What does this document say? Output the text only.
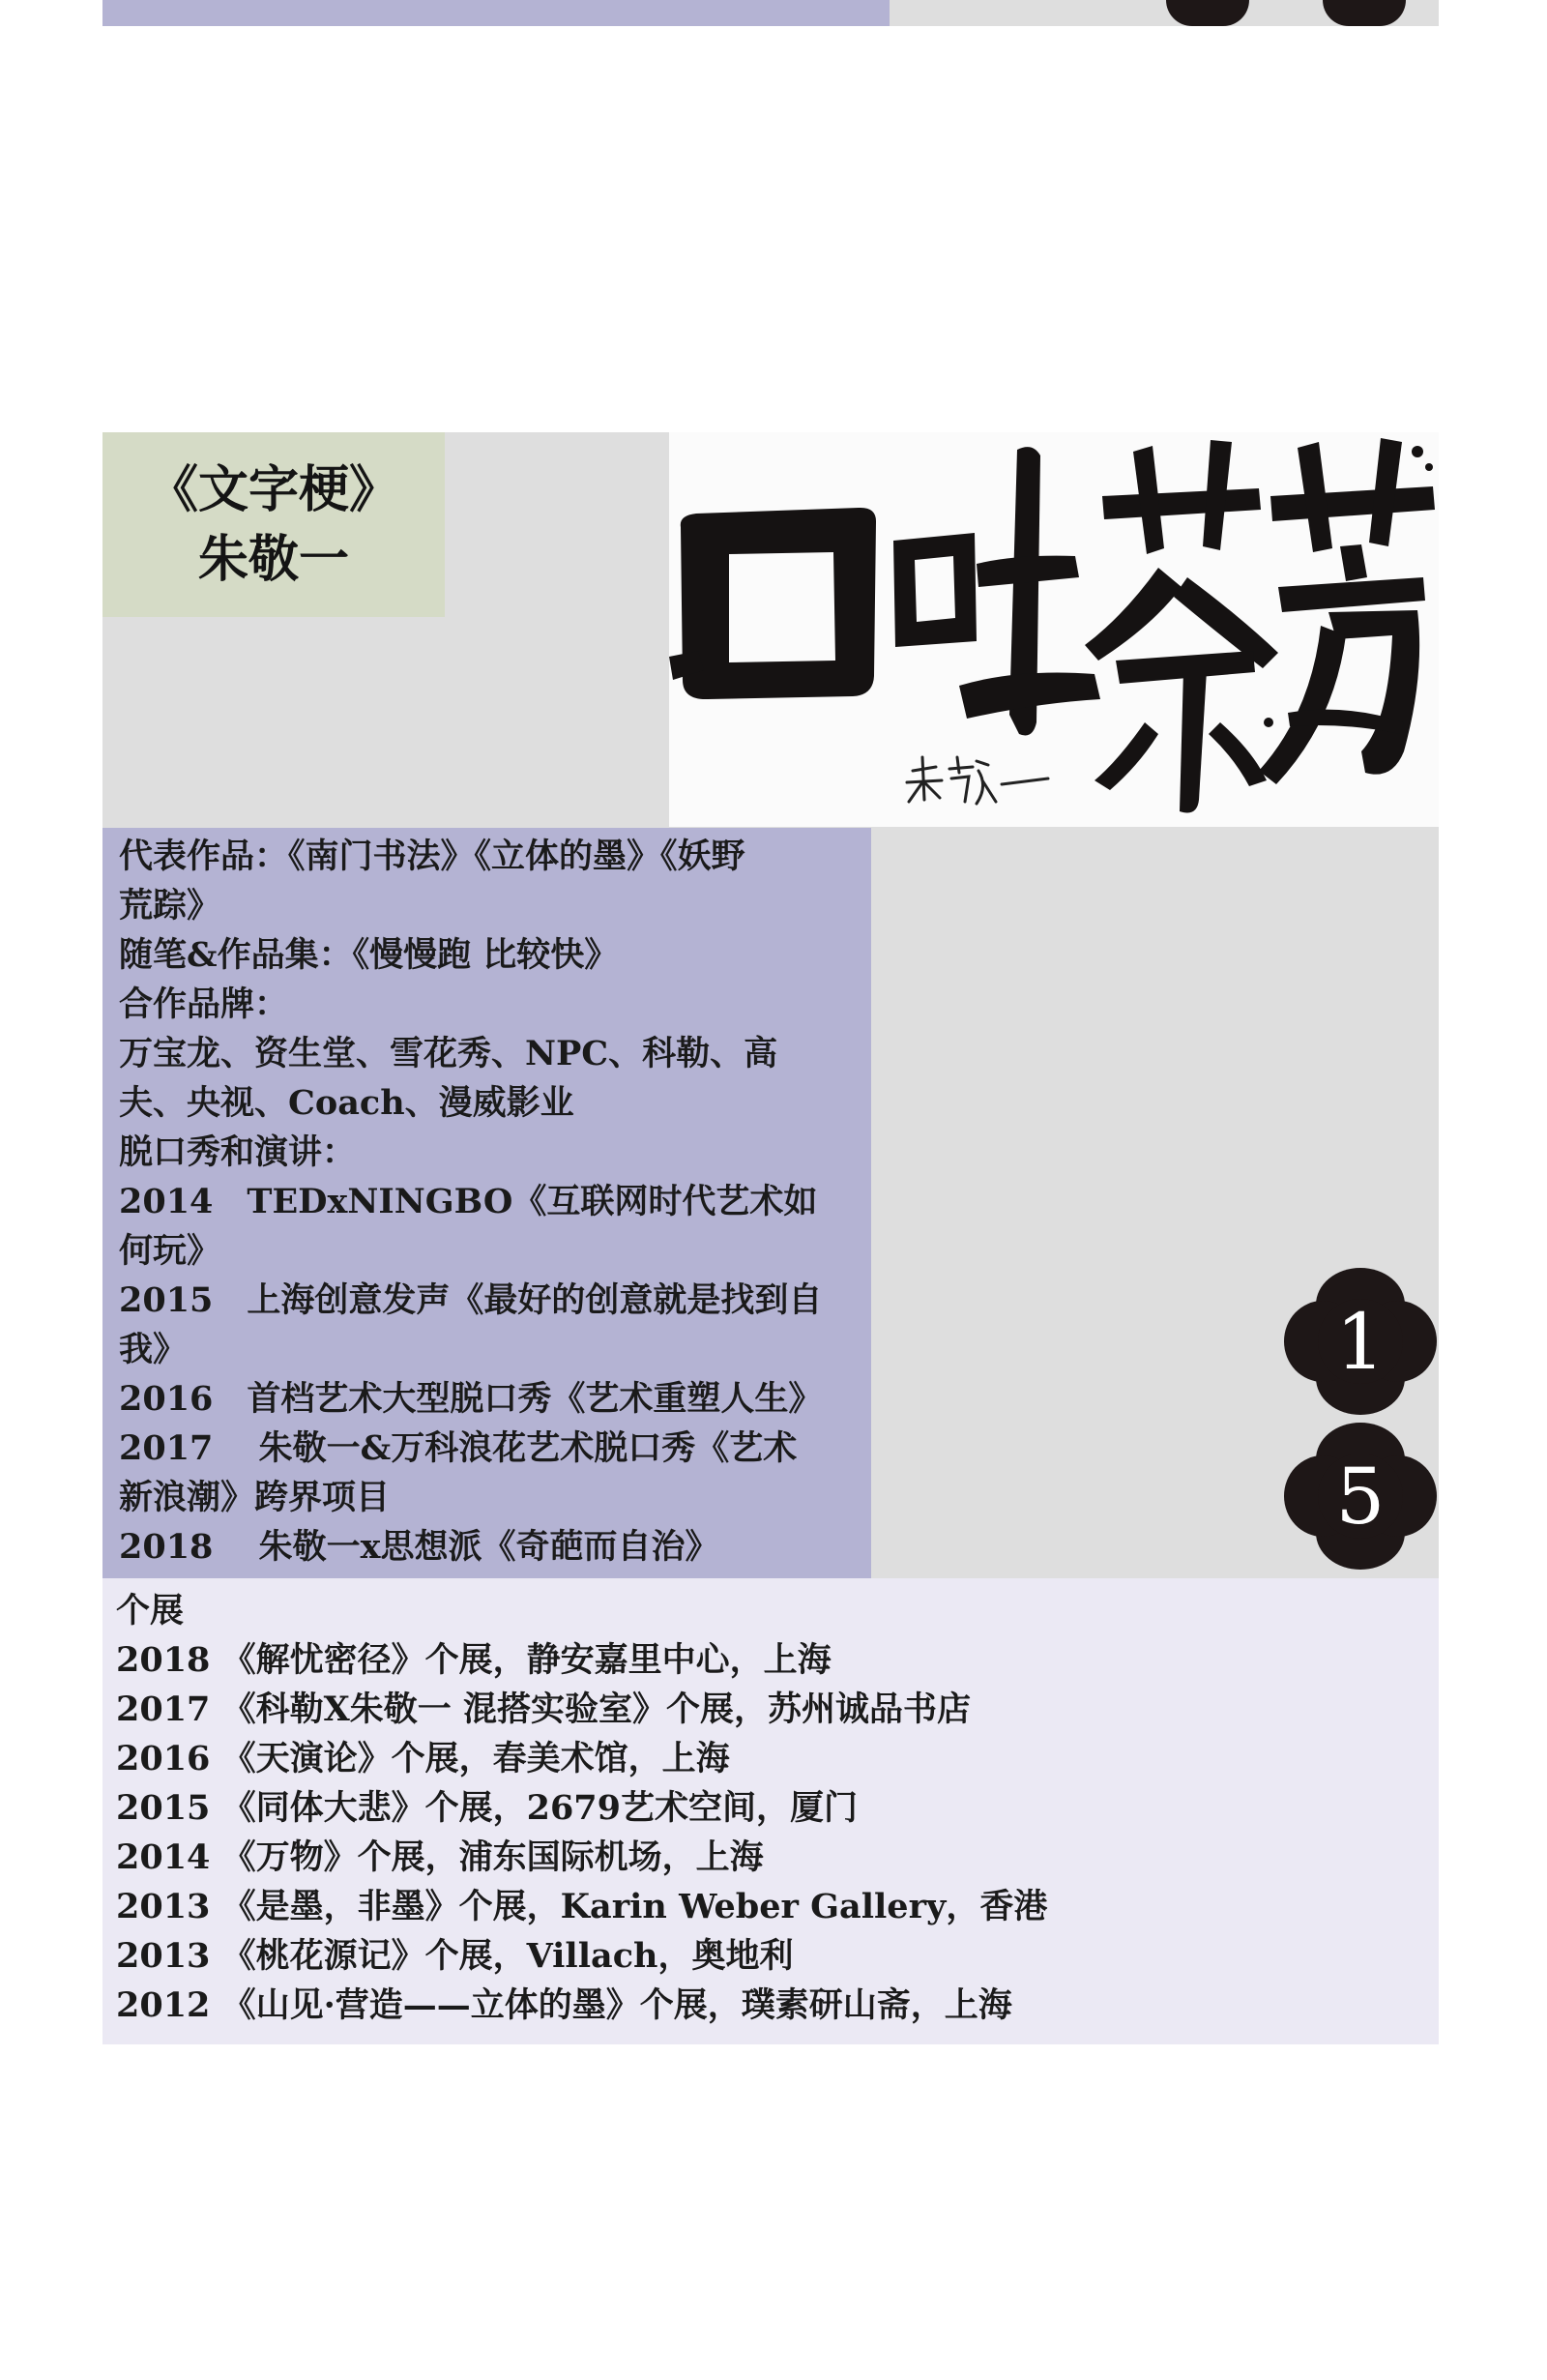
《文字梗》
朱敬一
代表作品：《南门书法》《立体的墨》《妖野
荒踪》
随笔&作品集：《慢慢跑 比较快》
合作品牌：
万宝龙、资生堂、雪花秀、NPC、科勒、高
夫、央视、Coach、漫威影业
脱口秀和演讲：
2014　TEDxNINGBO《互联网时代艺术如
何玩》
2015　上海创意发声《最好的创意就是找到自
我》
2016　首档艺术大型脱口秀《艺术重塑人生》
2017　 朱敬一&万科浪花艺术脱口秀《艺术
新浪潮》跨界项目
2018　 朱敬一x思想派《奇葩而自治》
1
5
个展
2018 《解忧密径》个展，静安嘉里中心，上海
2017 《科勒X朱敬一 混搭实验室》个展，苏州诚品书店
2016 《天演论》个展，春美术馆，上海
2015 《同体大悲》个展，2679艺术空间，厦门
2014 《万物》个展，浦东国际机场，上海
2013 《是墨，非墨》个展，Karin Weber Gallery，香港
2013 《桃花源记》个展，Villach，奥地利
2012 《山见·营造——立体的墨》个展，璞素研山斋，上海
